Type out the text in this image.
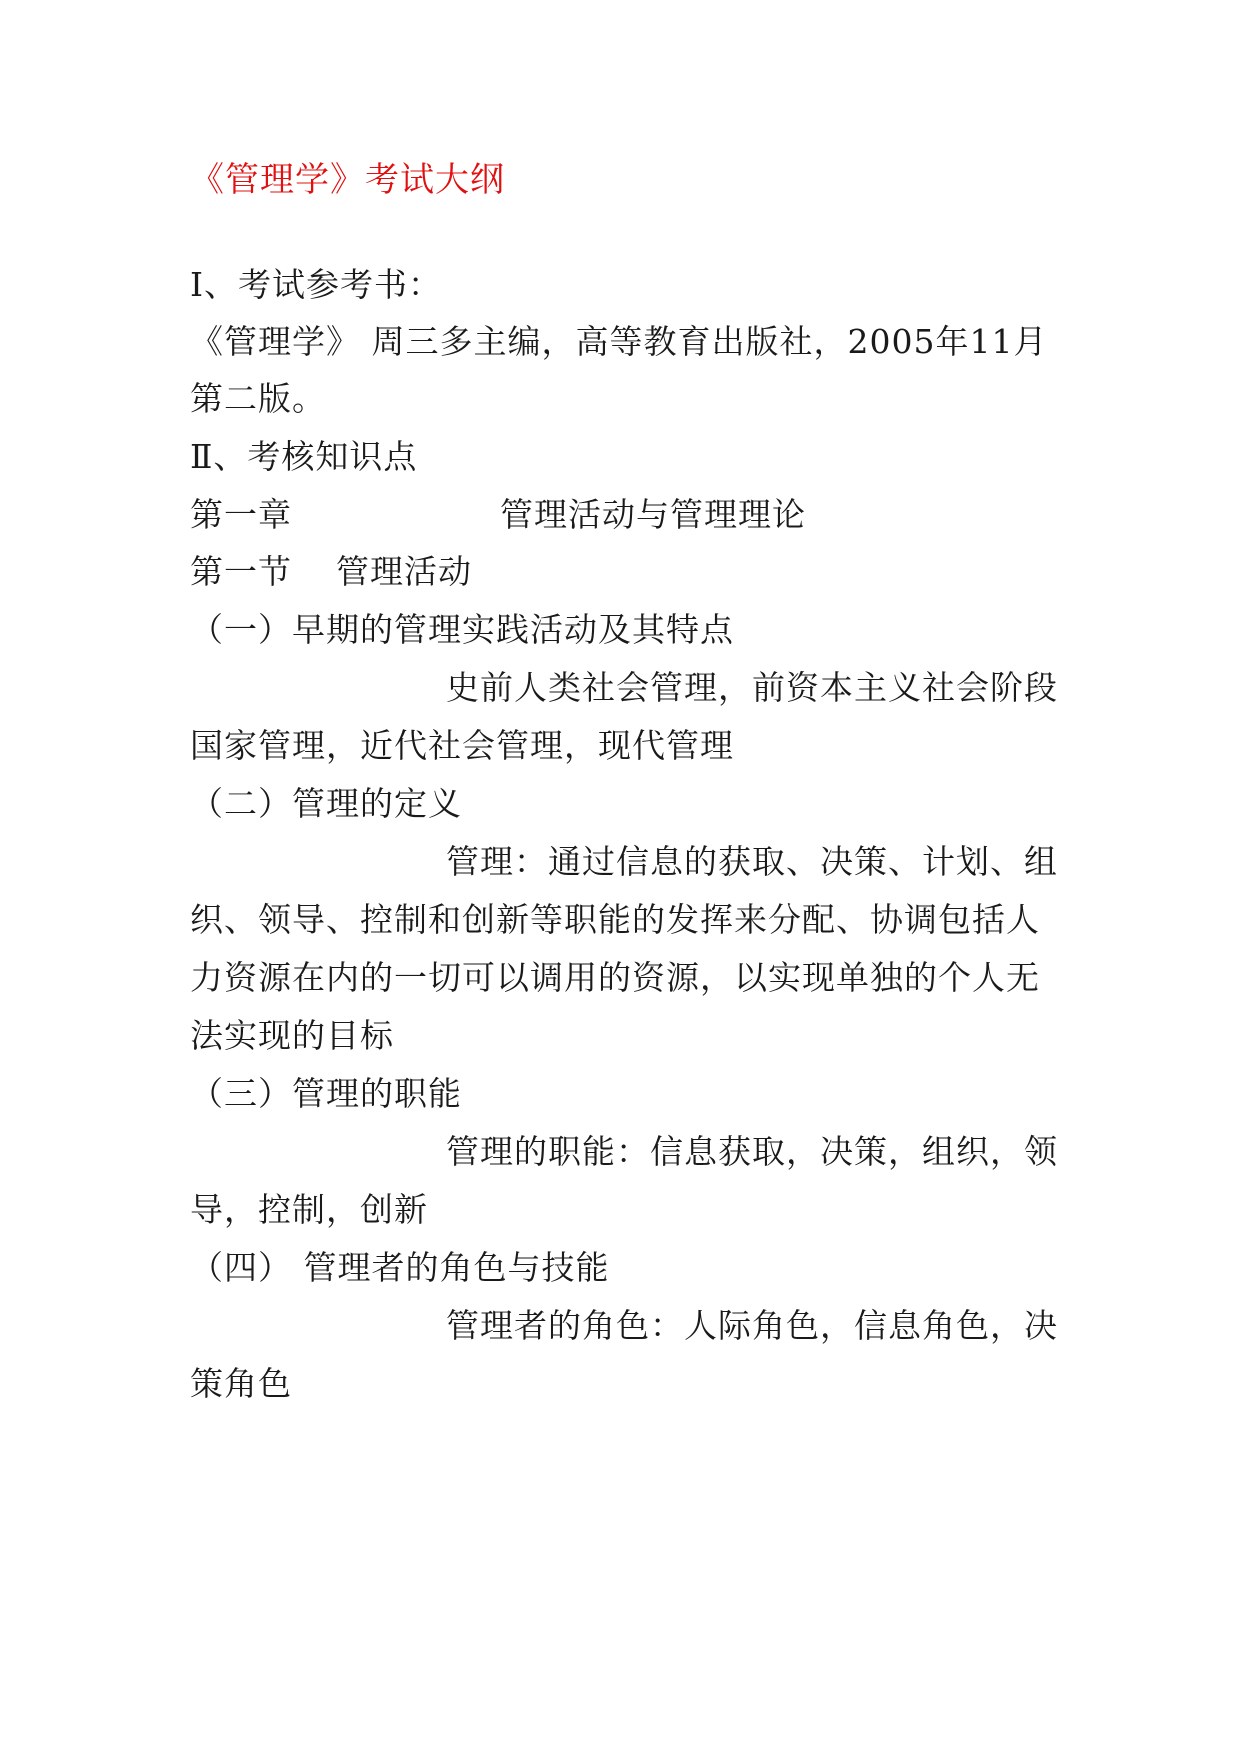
《管理学》考试大纲
Ⅰ、考试参考书：
《管理学》 周三多主编，高等教育出版社，2005年11月
第二版。
Ⅱ、考核知识点
第一章	管理活动与管理理论
第一节 管理活动
（一）早期的管理实践活动及其特点
史前人类社会管理，前资本主义社会阶段
国家管理，近代社会管理，现代管理
（二）管理的定义
管理：通过信息的获取、决策、计划、组
织、领导、控制和创新等职能的发挥来分配、协调包括人
力资源在内的一切可以调用的资源，以实现单独的个人无
法实现的目标
（三）管理的职能
管理的职能：信息获取，决策，组织，领
导，控制，创新
（四） 管理者的角色与技能
管理者的角色：人际角色，信息角色，决
策角色
